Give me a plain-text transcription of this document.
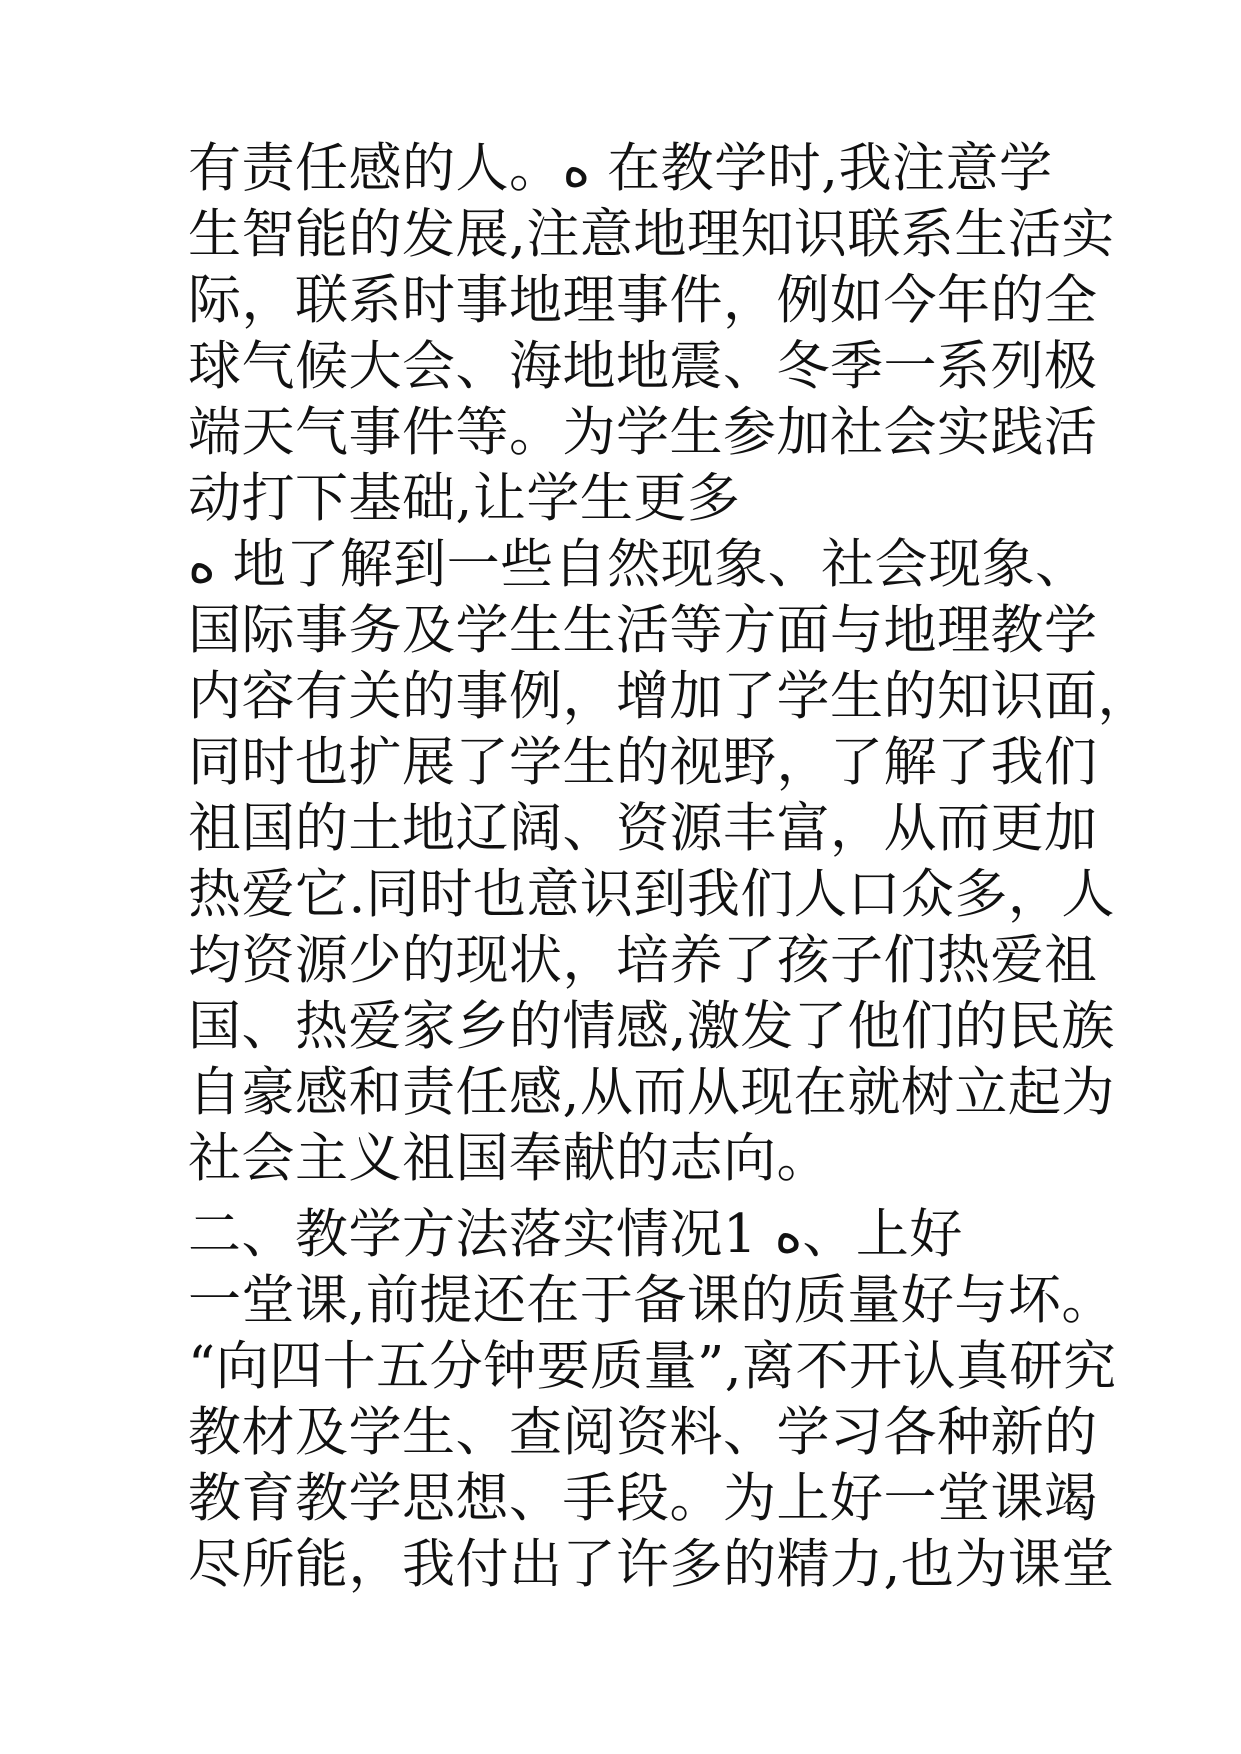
有责任感的人。ﻩ 在教学时,我注意学
生智能的发展,注意地理知识联系生活实
际，联系时事地理事件，例如今年的全
球气候大会、海地地震、冬季一系列极
端天气事件等。为学生参加社会实践活
动打下基础,让学生更多
ﻩ 地了解到一些自然现象、社会现象、
国际事务及学生生活等方面与地理教学
内容有关的事例，增加了学生的知识面，
同时也扩展了学生的视野，了解了我们
祖国的土地辽阔、资源丰富，从而更加
热爱它.同时也意识到我们人口众多，人
均资源少的现状，培养了孩子们热爱祖
国、热爱家乡的情感,激发了他们的民族
自豪感和责任感,从而从现在就树立起为
社会主义祖国奉献的志向。
二、教学方法落实情况1 ﻩ、上好
一堂课,前提还在于备课的质量好与坏。
“向四十五分钟要质量”,离不开认真研究
教材及学生、查阅资料、学习各种新的
教育教学思想、手段。为上好一堂课竭
尽所能，我付出了许多的精力,也为课堂
